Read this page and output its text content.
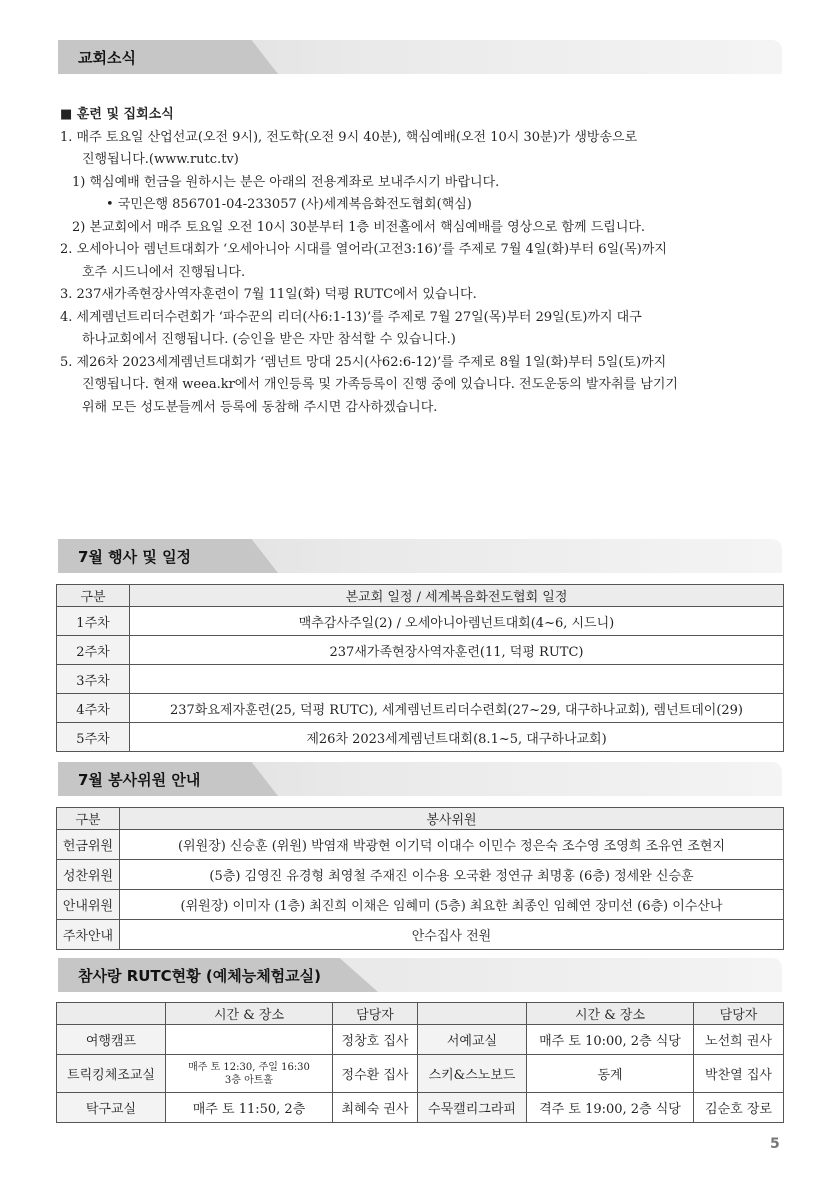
교회소식
■ 훈련 및 집회소식
1. 매주 토요일 산업선교(오전 9시), 전도학(오전 9시 40분), 핵심예배(오전 10시 30분)가 생방송으로
진행됩니다.(www.rutc.tv)
1) 핵심예배 헌금을 원하시는 분은 아래의 전용계좌로 보내주시기 바랍니다.
• 국민은행 856701-04-233057 (사)세계복음화전도협회(핵심)
2) 본교회에서 매주 토요일 오전 10시 30분부터 1층 비전홀에서 핵심예배를 영상으로 함께 드립니다.
2. 오세아니아 렘넌트대회가 ‘오세아니아 시대를 열어라(고전3:16)’를 주제로 7월 4일(화)부터 6일(목)까지
호주 시드니에서 진행됩니다.
3. 237새가족현장사역자훈련이 7월 11일(화) 덕평 RUTC에서 있습니다.
4. 세계렘넌트리더수련회가 ‘파수꾼의 리더(사6:1-13)’를 주제로 7월 27일(목)부터 29일(토)까지 대구
하나교회에서 진행됩니다. (승인을 받은 자만 참석할 수 있습니다.)
5. 제26차 2023세계렘넌트대회가 ‘렘넌트 망대 25시(사62:6-12)’를 주제로 8월 1일(화)부터 5일(토)까지
진행됩니다. 현재 weea.kr에서 개인등록 및 가족등록이 진행 중에 있습니다. 전도운동의 발자취를 남기기
위해 모든 성도분들께서 등록에 동참해 주시면 감사하겠습니다.
7월 행사 및 일정
구분	본교회 일정 / 세계복음화전도협회 일정
1주차	맥추감사주일(2) / 오세아니아렘넌트대회(4~6, 시드니)
2주차	237새가족현장사역자훈련(11, 덕평 RUTC)
3주차	
4주차	237화요제자훈련(25, 덕평 RUTC), 세계렘넌트리더수련회(27~29, 대구하나교회), 렘넌트데이(29)
5주차	제26차 2023세계렘넌트대회(8.1~5, 대구하나교회)
7월 봉사위원 안내
구분	봉사위원
헌금위원	(위원장) 신승훈 (위원) 박염재 박광현 이기덕 이대수 이민수 정은숙 조수영 조영희 조유연 조현지
성찬위원	(5층) 김영진 유경형 최영철 주재진 이수용 오국환 정연규 최명홍 (6층) 정세완 신승훈
안내위원	(위원장) 이미자 (1층) 최진희 이채은 임혜미 (5층) 최요한 최종인 임혜연 장미선 (6층) 이수산나
주차안내	안수집사 전원
참사랑 RUTC현황 (예체능체험교실)
	시간 & 장소	담당자		시간 & 장소	담당자
여행캠프		정창호 집사	서예교실	매주 토 10:00, 2층 식당	노선희 권사
트릭킹체조교실	매주 토 12:30, 주일 16:30
3층 아트홀	정수환 집사	스키&스노보드	동계	박찬열 집사
탁구교실	매주 토 11:50, 2층	최혜숙 권사	수묵캘리그라피	격주 토 19:00, 2층 식당	김순호 장로
5
